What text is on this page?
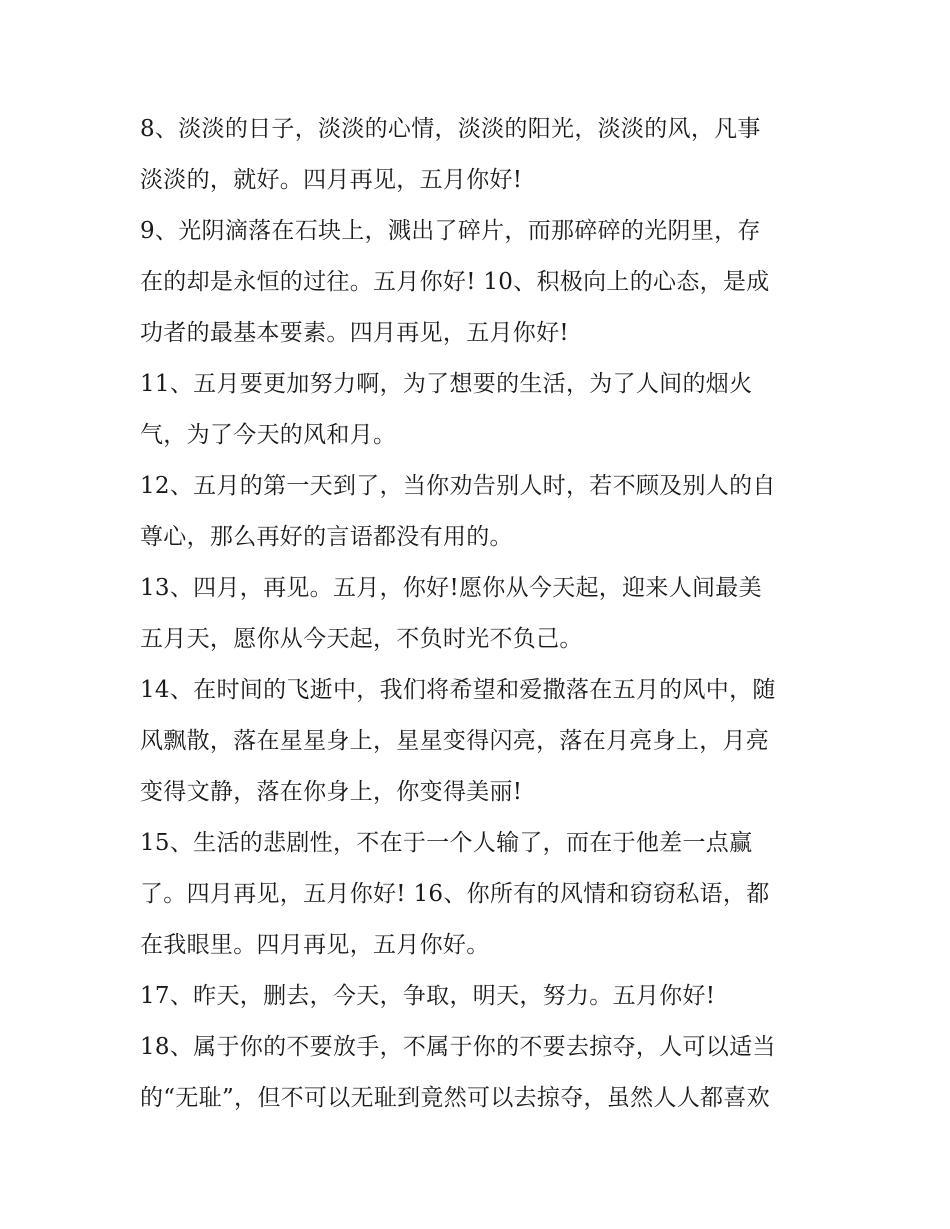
8、淡淡的日子，淡淡的心情，淡淡的阳光，淡淡的风，凡事
淡淡的，就好。四月再见，五月你好!
9、光阴滴落在石块上，溅出了碎片，而那碎碎的光阴里，存
在的却是永恒的过往。五月你好! 10、积极向上的心态，是成
功者的最基本要素。四月再见，五月你好!
11、五月要更加努力啊，为了想要的生活，为了人间的烟火
气，为了今天的风和月。
12、五月的第一天到了，当你劝告别人时，若不顾及别人的自
尊心，那么再好的言语都没有用的。
13、四月，再见。五月，你好!愿你从今天起，迎来人间最美
五月天，愿你从今天起，不负时光不负己。
14、在时间的飞逝中，我们将希望和爱撒落在五月的风中，随
风飘散，落在星星身上，星星变得闪亮，落在月亮身上，月亮
变得文静，落在你身上，你变得美丽!
15、生活的悲剧性，不在于一个人输了，而在于他差一点赢
了。四月再见，五月你好! 16、你所有的风情和窃窃私语，都
在我眼里。四月再见，五月你好。
17、昨天，删去，今天，争取，明天，努力。五月你好!
18、属于你的不要放手，不属于你的不要去掠夺，人可以适当
的“无耻”，但不可以无耻到竟然可以去掠夺，虽然人人都喜欢
